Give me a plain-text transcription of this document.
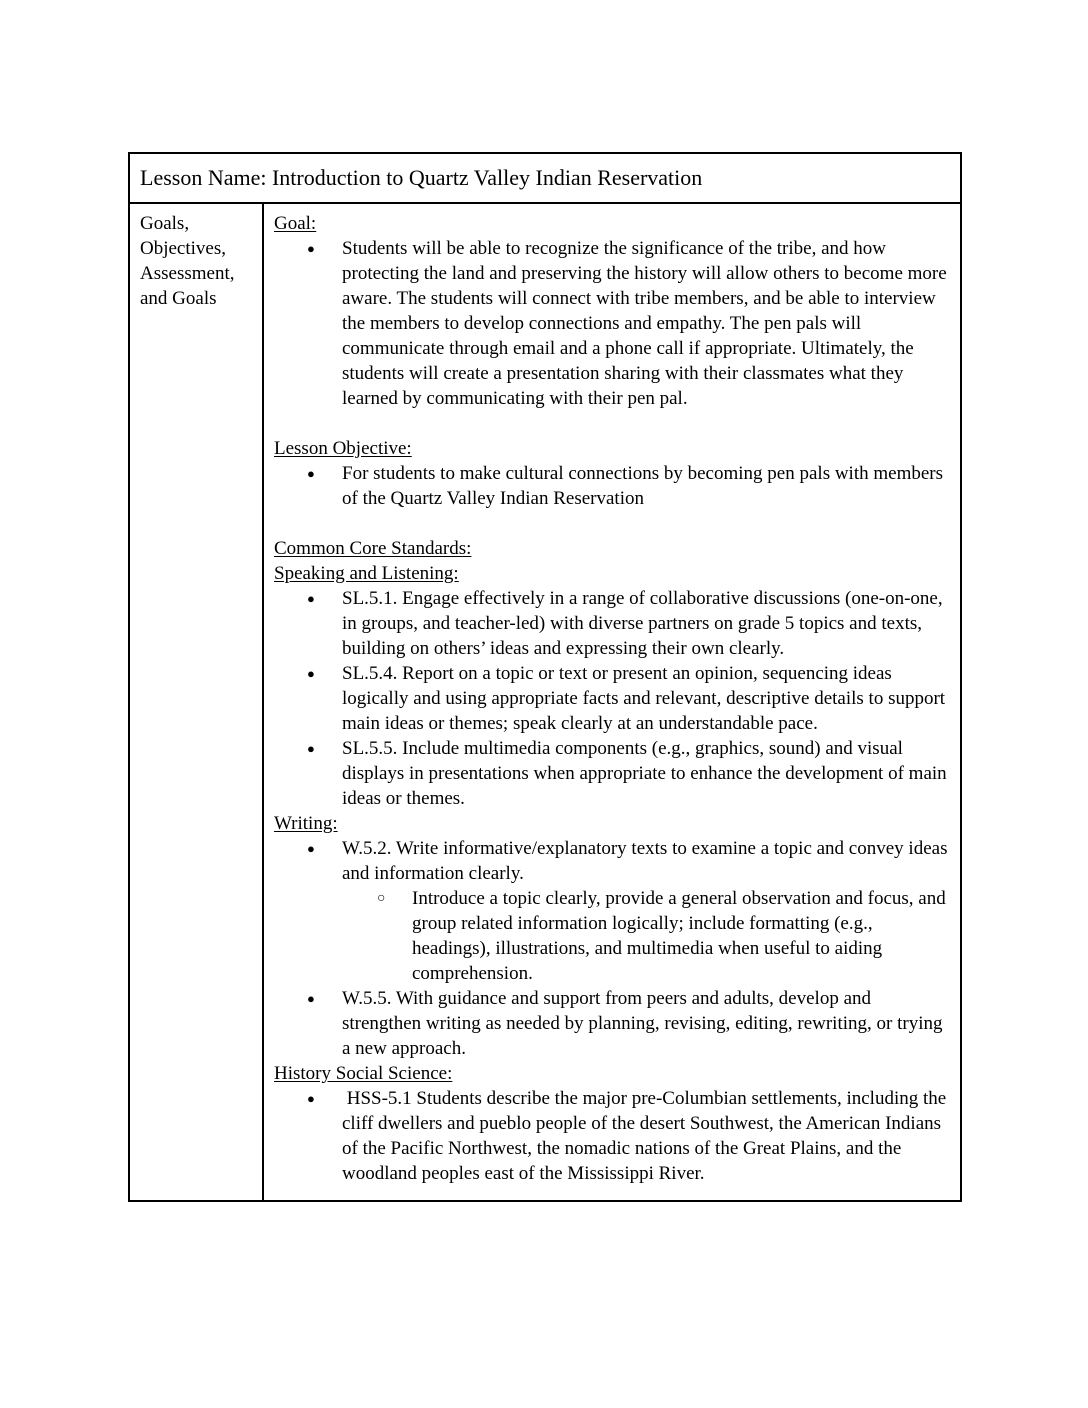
Lesson Name: Introduction to Quartz Valley Indian Reservation
Goals, Objectives, Assessment, and Goals
Goal:
● Students will be able to recognize the significance of the tribe, and how protecting the land and preserving the history will allow others to become more aware. The students will connect with tribe members, and be able to interview the members to develop connections and empathy. The pen pals will communicate through email and a phone call if appropriate. Ultimately, the students will create a presentation sharing with their classmates what they learned by communicating with their pen pal.
Lesson Objective:
● For students to make cultural connections by becoming pen pals with members of the Quartz Valley Indian Reservation
Common Core Standards:
Speaking and Listening:
● SL.5.1. Engage effectively in a range of collaborative discussions (one-on-one, in groups, and teacher-led) with diverse partners on grade 5 topics and texts, building on others’ ideas and expressing their own clearly.
● SL.5.4. Report on a topic or text or present an opinion, sequencing ideas logically and using appropriate facts and relevant, descriptive details to support main ideas or themes; speak clearly at an understandable pace.
● SL.5.5. Include multimedia components (e.g., graphics, sound) and visual displays in presentations when appropriate to enhance the development of main ideas or themes.
Writing:
● W.5.2. Write informative/explanatory texts to examine a topic and convey ideas and information clearly.
○ Introduce a topic clearly, provide a general observation and focus, and group related information logically; include formatting (e.g., headings), illustrations, and multimedia when useful to aiding comprehension.
● W.5.5. With guidance and support from peers and adults, develop and strengthen writing as needed by planning, revising, editing, rewriting, or trying a new approach.
History Social Science:
● HSS-5.1 Students describe the major pre-Columbian settlements, including the cliff dwellers and pueblo people of the desert Southwest, the American Indians of the Pacific Northwest, the nomadic nations of the Great Plains, and the woodland peoples east of the Mississippi River.
